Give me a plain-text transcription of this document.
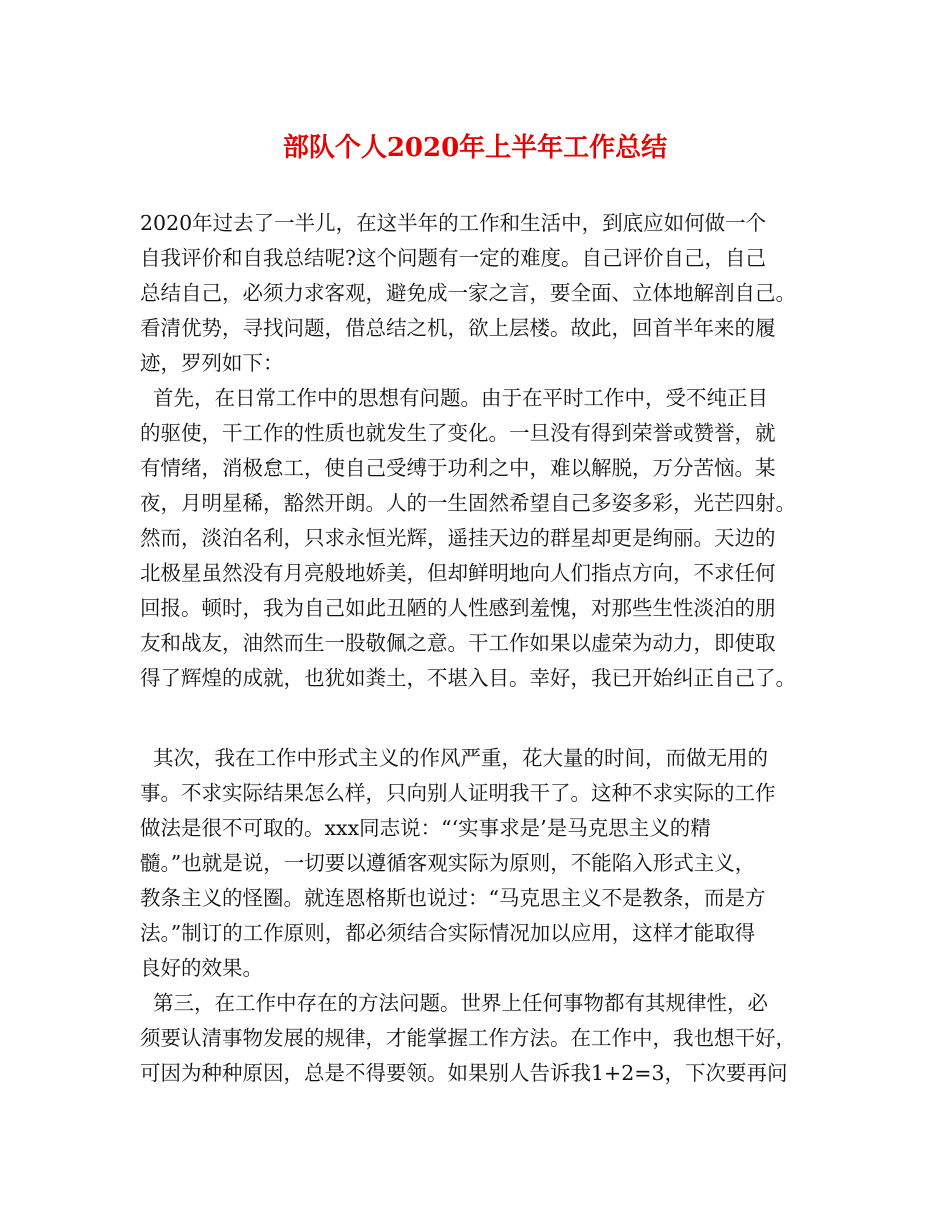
部队个人2020年上半年工作总结

2020年过去了一半儿，在这半年的工作和生活中，到底应如何做一个

自我评价和自我总结呢?这个问题有一定的难度。自己评价自己，自己

总结自己，必须力求客观，避免成一家之言，要全面、立体地解剖自己。

看清优势，寻找问题，借总结之机，欲上层楼。故此，回首半年来的履

迹，罗列如下：

首先，在日常工作中的思想有问题。由于在平时工作中，受不纯正目

的驱使，干工作的性质也就发生了变化。一旦没有得到荣誉或赞誉，就

有情绪，消极怠工，使自己受缚于功利之中，难以解脱，万分苦恼。某

夜，月明星稀，豁然开朗。人的一生固然希望自己多姿多彩，光芒四射。

然而，淡泊名利，只求永恒光辉，遥挂天边的群星却更是绚丽。天边的

北极星虽然没有月亮般地娇美，但却鲜明地向人们指点方向，不求任何

回报。顿时，我为自己如此丑陋的人性感到羞愧，对那些生性淡泊的朋

友和战友，油然而生一股敬佩之意。干工作如果以虚荣为动力，即使取

得了辉煌的成就，也犹如粪土，不堪入目。幸好，我已开始纠正自己了。

其次，我在工作中形式主义的作风严重，花大量的时间，而做无用的

事。不求实际结果怎么样，只向别人证明我干了。这种不求实际的工作

做法是很不可取的。xxx同志说：“‘实事求是’是马克思主义的精

髓。”也就是说，一切要以遵循客观实际为原则，不能陷入形式主义，

教条主义的怪圈。就连恩格斯也说过：“马克思主义不是教条，而是方

法。”制订的工作原则，都必须结合实际情况加以应用，这样才能取得

良好的效果。

第三，在工作中存在的方法问题。世界上任何事物都有其规律性，必

须要认清事物发展的规律，才能掌握工作方法。在工作中，我也想干好，

可因为种种原因，总是不得要领。如果别人告诉我1+2=3，下次要再问
